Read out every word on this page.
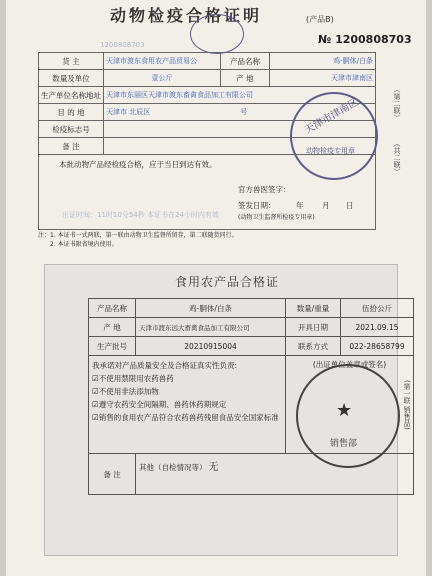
动物检疫合格证明	(产品B)
№ 1200808703
1200808703
货 主	天津市渡东食用农产品贸易公	产品名称	鸡-胴体/白条
数量及单位	壹公斤	产 地	天津市津南区
生产单位名称地址	天津市东丽区天津市渡东畜禽食品加工有限公司		
目 的 地	天津市 北辰区 号		
检疫标志号			
备 注			

本批动物产品经检疫合格，应于当日到达有效。			
官方兽医签字：
签发日期：	年 月 日
出证时间：11时10分54秒 本证书在24小时内有效	(动物卫生监督所检疫专用章)
注：1. 本证书一式两联，第一联由动物卫生监督所留存，第二联随货同行。
2. 本证书限省境内使用。
（第二联）
（共二联）
天津市津南区
动物检疫专用章
食用农产品合格证
产品名称	鸡-胴体/白条	数量/重量	伍拾公斤
产 地	天津市渡东远大畜禽食品加工有限公司	开具日期	2021.09.15
生产批号	20210915004	联系方式	022-28658799

我承诺对产品质量安全及合格证真实性负责:
☑不使用禁限用农药兽药
☑不使用非法添加物
☑遵守农药安全间隔期、兽药休药期规定
☑销售的食用农产品符合农药兽药残留食品安全国家标准		(出证单位盖章或签名)	

备 注	其他（自检情况等） 无		
(第一联 销售品)
★
销售部
